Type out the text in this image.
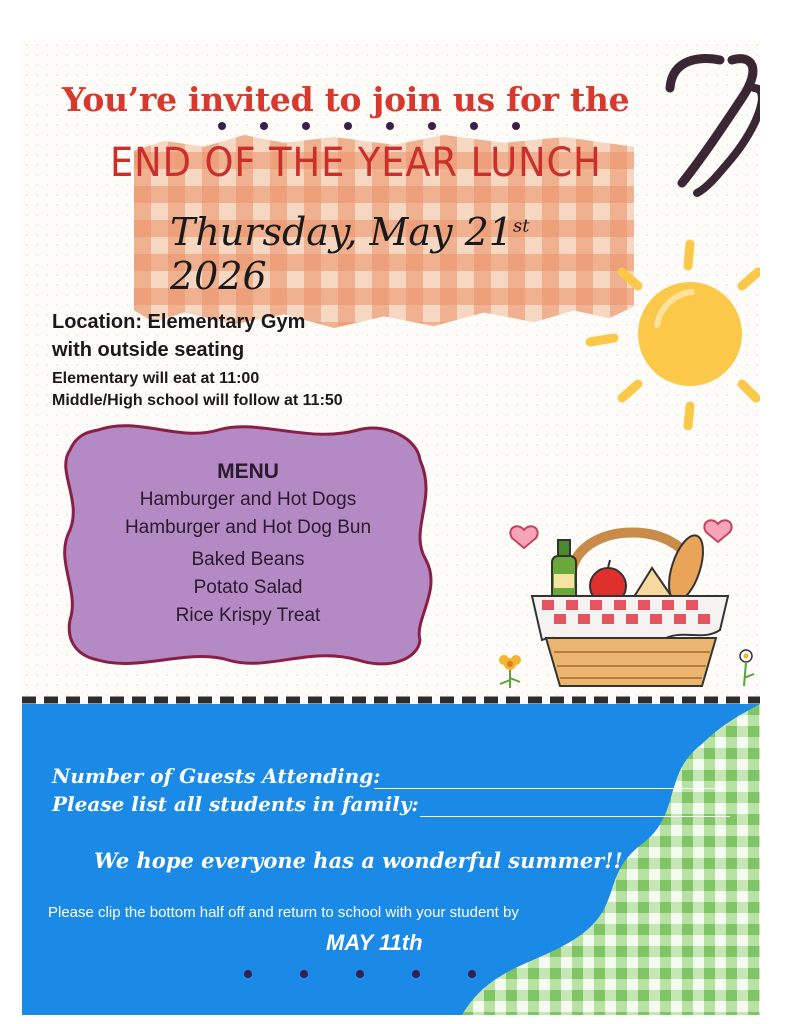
You’re invited to join us for the
END OF THE YEAR LUNCH
Thursday, May 21st 2026
Location: Elementary Gym
with outside seating
Elementary will eat at 11:00
Middle/High school will follow at 11:50
MENU
Hamburger and Hot Dogs
Hamburger and Hot Dog Bun
Baked Beans
Potato Salad
Rice Krispy Treat
Number of Guests Attending:
Please list all students in family:
We hope everyone has a wonderful summer!!
Please clip the bottom half off and return to school with your student by
MAY 11th
